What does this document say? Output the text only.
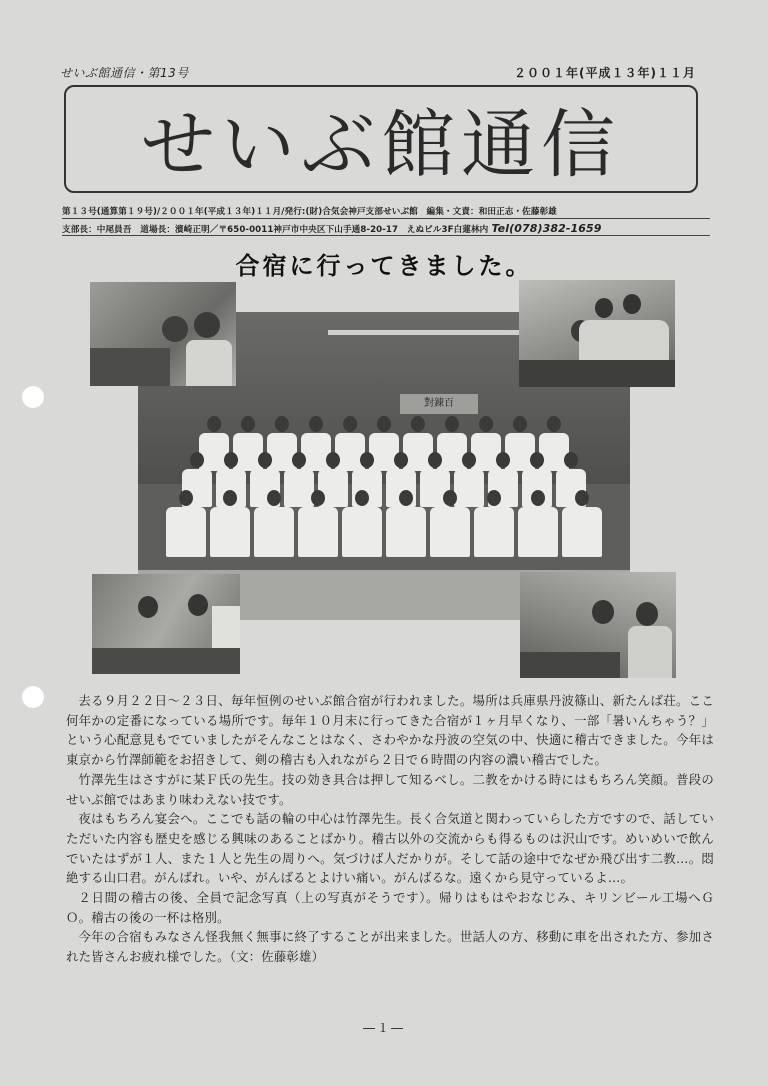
せいぶ館通信・第13号	２００１年(平成１３年)１１月
せいぶ館通信
第１３号(通算第１９号)/２００１年(平成１３年)１１月/発行:(財)合気会神戸支部せいぶ館　編集・文責：和田正志・佐藤彰雄
支部長：中尾員吾　道場長：濱崎正明／〒650-0011神戸市中央区下山手通8-20-17　えぬビル3F白蓮林内 Tel(078)382-1659
合宿に行ってきました。
對錬百

去る９月２２日～２３日、毎年恒例のせいぶ館合宿が行われました。場所は兵庫県丹波篠山、新たんば荘。ここ何年かの定番になっている場所です。毎年１０月末に行ってきた合宿が１ヶ月早くなり、一部「暑いんちゃう？」という心配意見もでていましたがそんなことはなく、さわやかな丹波の空気の中、快適に稽古できました。今年は東京から竹澤師範をお招きして、剣の稽古も入れながら２日で６時間の内容の濃い稽古でした。

竹澤先生はさすがに某Ｆ氏の先生。技の効き具合は押して知るべし。二教をかける時にはもちろん笑顔。普段のせいぶ館ではあまり味わえない技です。

夜はもちろん宴会へ。ここでも話の輪の中心は竹澤先生。長く合気道と関わっていらした方ですので、話していただいた内容も歴史を感じる興味のあることばかり。稽古以外の交流からも得るものは沢山です。めいめいで飲んでいたはずが１人、また１人と先生の周りへ。気づけば人だかりが。そして話の途中でなぜか飛び出す二教…。悶絶する山口君。がんばれ。いや、がんばるとよけい痛い。がんばるな。遠くから見守っているよ…。

２日間の稽古の後、全員で記念写真（上の写真がそうです）。帰りはもはやおなじみ、キリンビール工場へＧＯ。稽古の後の一杯は格別。

今年の合宿もみなさん怪我無く無事に終了することが出来ました。世話人の方、移動に車を出された方、参加された皆さんお疲れ様でした。（文：佐藤彰雄）

―１―
